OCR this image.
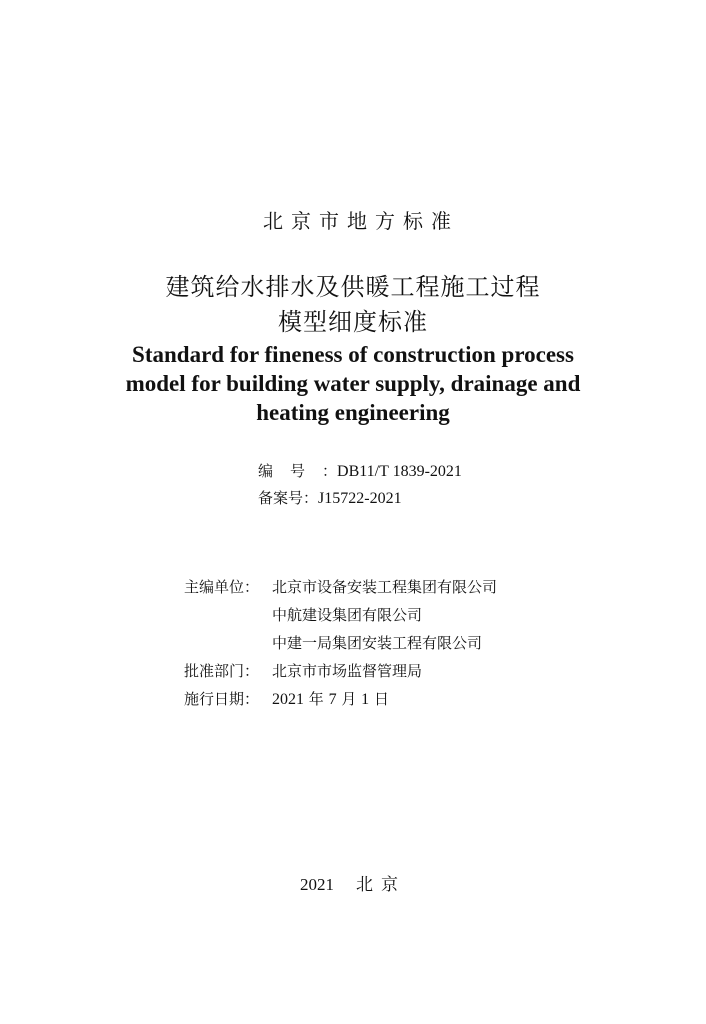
北京市地方标准
建筑给水排水及供暖工程施工过程
模型细度标准
Standard for fineness of construction process
model for building water supply, drainage and
heating engineering
编号：DB11/T 1839-2021
备案号：J15722-2021
主编单位： 北京市设备安装工程集团有限公司
中航建设集团有限公司
中建一局集团安装工程有限公司
批准部门： 北京市市场监督管理局
施行日期： 2021 年 7 月 1 日
2021 北京
